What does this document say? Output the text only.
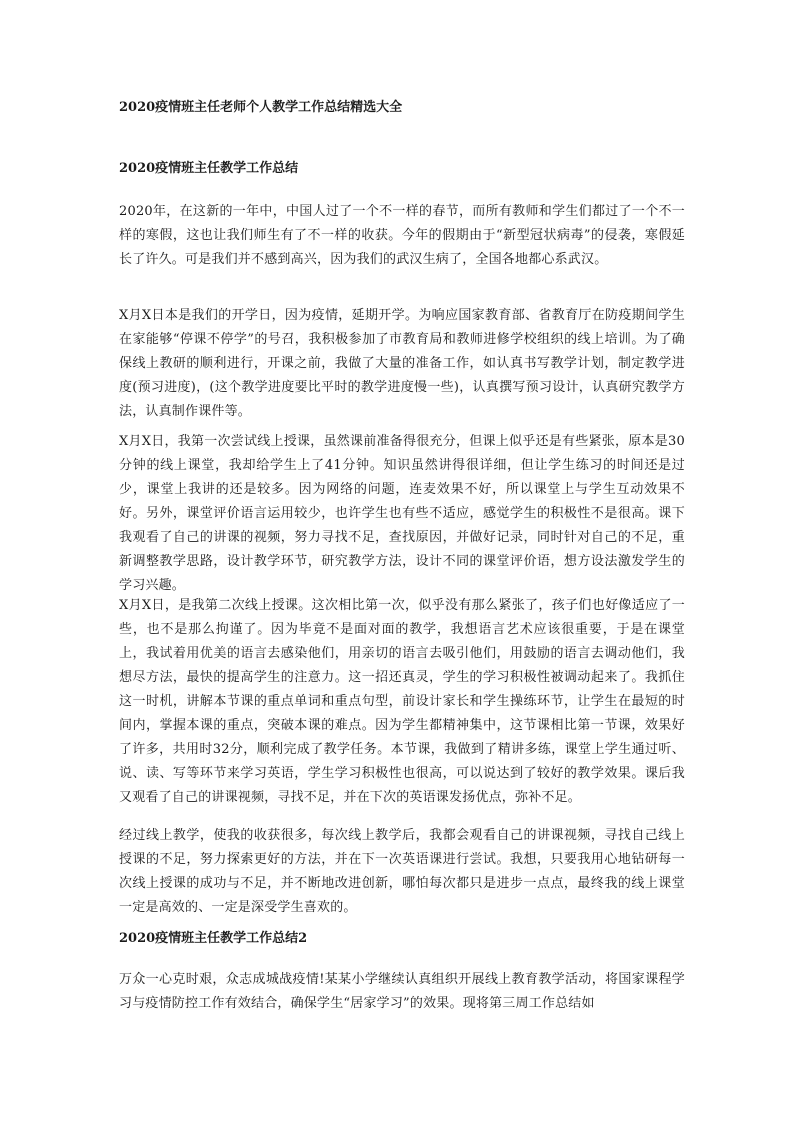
2020疫情班主任老师个人教学工作总结精选大全
2020疫情班主任教学工作总结
2020年，在这新的一年中，中国人过了一个不一样的春节，而所有教师和学生们都过了一个不一样的寒假，这也让我们师生有了不一样的收获。今年的假期由于“新型冠状病毒”的侵袭，寒假延长了许久。可是我们并不感到高兴，因为我们的武汉生病了，全国各地都心系武汉。
X月X日本是我们的开学日，因为疫情，延期开学。为响应国家教育部、省教育厅在防疫期间学生在家能够“停课不停学”的号召，我积极参加了市教育局和教师进修学校组织的线上培训。为了确保线上教研的顺利进行，开课之前，我做了大量的准备工作，如认真书写教学计划，制定教学进度(预习进度)，(这个教学进度要比平时的教学进度慢一些)，认真撰写预习设计，认真研究教学方法，认真制作课件等。
X月X日，我第一次尝试线上授课，虽然课前准备得很充分，但课上似乎还是有些紧张，原本是30分钟的线上课堂，我却给学生上了41分钟。知识虽然讲得很详细，但让学生练习的时间还是过少，课堂上我讲的还是较多。因为网络的问题，连麦效果不好，所以课堂上与学生互动效果不好。另外，课堂评价语言运用较少，也许学生也有些不适应，感觉学生的积极性不是很高。课下我观看了自己的讲课的视频，努力寻找不足，查找原因，并做好记录，同时针对自己的不足，重新调整教学思路，设计教学环节，研究教学方法，设计不同的课堂评价语，想方设法激发学生的学习兴趣。
X月X日，是我第二次线上授课。这次相比第一次，似乎没有那么紧张了，孩子们也好像适应了一些，也不是那么拘谨了。因为毕竟不是面对面的教学，我想语言艺术应该很重要，于是在课堂上，我试着用优美的语言去感染他们，用亲切的语言去吸引他们，用鼓励的语言去调动他们，我想尽方法，最快的提高学生的注意力。这一招还真灵，学生的学习积极性被调动起来了。我抓住这一时机，讲解本节课的重点单词和重点句型，前设计家长和学生操练环节，让学生在最短的时间内，掌握本课的重点，突破本课的难点。因为学生都精神集中，这节课相比第一节课，效果好了许多，共用时32分，顺利完成了教学任务。本节课，我做到了精讲多练，课堂上学生通过听、说、读、写等环节来学习英语，学生学习积极性也很高，可以说达到了较好的教学效果。课后我又观看了自己的讲课视频，寻找不足，并在下次的英语课发扬优点，弥补不足。
经过线上教学，使我的收获很多，每次线上教学后，我都会观看自己的讲课视频，寻找自己线上授课的不足，努力探索更好的方法，并在下一次英语课进行尝试。我想，只要我用心地钻研每一次线上授课的成功与不足，并不断地改进创新，哪怕每次都只是进步一点点，最终我的线上课堂一定是高效的、一定是深受学生喜欢的。
2020疫情班主任教学工作总结2
万众一心克时艰，众志成城战疫情!某某小学继续认真组织开展线上教育教学活动，将国家课程学习与疫情防控工作有效结合，确保学生“居家学习”的效果。现将第三周工作总结如
